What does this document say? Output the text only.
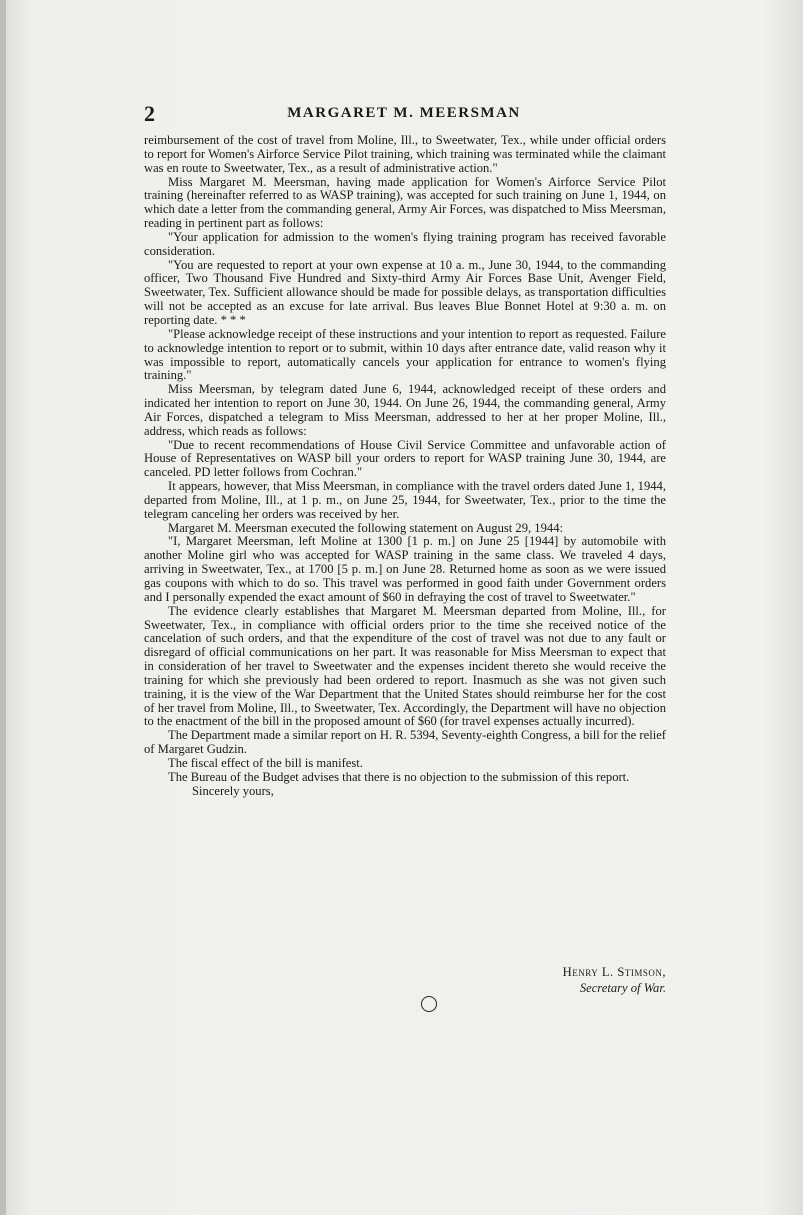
2	MARGARET M. MEERSMAN

reimbursement of the cost of travel from Moline, Ill., to Sweetwater, Tex., while under official orders to report for Women's Airforce Service Pilot training, which training was terminated while the claimant was en route to Sweetwater, Tex., as a result of administrative action."

Miss Margaret M. Meersman, having made application for Women's Airforce Service Pilot training (hereinafter referred to as WASP training), was accepted for such training on June 1, 1944, on which date a letter from the commanding general, Army Air Forces, was dispatched to Miss Meersman, reading in pertinent part as follows:

"Your application for admission to the women's flying training program has received favorable consideration.

"You are requested to report at your own expense at 10 a. m., June 30, 1944, to the commanding officer, Two Thousand Five Hundred and Sixty-third Army Air Forces Base Unit, Avenger Field, Sweetwater, Tex. Sufficient allowance should be made for possible delays, as transportation difficulties will not be accepted as an excuse for late arrival. Bus leaves Blue Bonnet Hotel at 9:30 a. m. on reporting date. * * *

"Please acknowledge receipt of these instructions and your intention to report as requested. Failure to acknowledge intention to report or to submit, within 10 days after entrance date, valid reason why it was impossible to report, automatically cancels your application for entrance to women's flying training."

Miss Meersman, by telegram dated June 6, 1944, acknowledged receipt of these orders and indicated her intention to report on June 30, 1944. On June 26, 1944, the commanding general, Army Air Forces, dispatched a telegram to Miss Meersman, addressed to her at her proper Moline, Ill., address, which reads as follows:

"Due to recent recommendations of House Civil Service Committee and unfavorable action of House of Representatives on WASP bill your orders to report for WASP training June 30, 1944, are canceled. PD letter follows from Cochran."

It appears, however, that Miss Meersman, in compliance with the travel orders dated June 1, 1944, departed from Moline, Ill., at 1 p. m., on June 25, 1944, for Sweetwater, Tex., prior to the time the telegram canceling her orders was received by her.

Margaret M. Meersman executed the following statement on August 29, 1944:

"I, Margaret Meersman, left Moline at 1300 [1 p. m.] on June 25 [1944] by automobile with another Moline girl who was accepted for WASP training in the same class. We traveled 4 days, arriving in Sweetwater, Tex., at 1700 [5 p. m.] on June 28. Returned home as soon as we were issued gas coupons with which to do so. This travel was performed in good faith under Government orders and I personally expended the exact amount of $60 in defraying the cost of travel to Sweetwater."

The evidence clearly establishes that Margaret M. Meersman departed from Moline, Ill., for Sweetwater, Tex., in compliance with official orders prior to the time she received notice of the cancelation of such orders, and that the expenditure of the cost of travel was not due to any fault or disregard of official communications on her part. It was reasonable for Miss Meersman to expect that in consideration of her travel to Sweetwater and the expenses incident thereto she would receive the training for which she previously had been ordered to report. Inasmuch as she was not given such training, it is the view of the War Department that the United States should reimburse her for the cost of her travel from Moline, Ill., to Sweetwater, Tex. Accordingly, the Department will have no objection to the enactment of the bill in the proposed amount of $60 (for travel expenses actually incurred).

The Department made a similar report on H. R. 5394, Seventy-eighth Congress, a bill for the relief of Margaret Gudzin.

The fiscal effect of the bill is manifest.

The Bureau of the Budget advises that there is no objection to the submission of this report.

Sincerely yours,

Henry L. Stimson,
Secretary of War.
